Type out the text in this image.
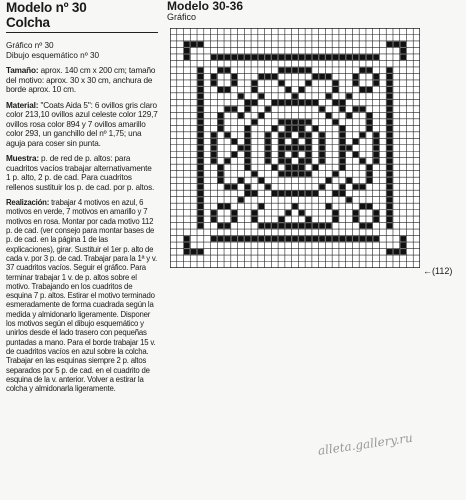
Modelo nº 30
Colcha

Gráfico nº 30
Dibujo esquemático nº 30

Tamaño: aprox. 140 cm x 200 cm; tamaño del motivo: aprox. 30 x 30 cm, anchura de borde aprox. 10 cm.

Material: "Coats Aida 5": 6 ovillos gris claro color 213,10 ovillos azul celeste color 129,7 ovillos rosa color 894 y 7 ovillos amarillo color 293, un ganchillo del nº 1,75; una aguja para coser sin punta.

Muestra: p. de red de p. altos: para cuadritos vacíos trabajar alternativamente 1 p. alto, 2 p. de cad. Para cuadritos rellenos sustituir los p. de cad. por p. altos.

Realización: trabajar 4 motivos en azul, 6 motivos en verde, 7 motivos en amarillo y 7 motivos en rosa. Montar por cada motivo 112 p. de cad. (ver consejo para montar bases de p. de cad. en la página 1 de las explicaciones), girar. Sustituir el 1er p. alto de cada v. por 3 p. de cad. Trabajar para la 1ª y v. 37 cuadritos vacíos. Seguir el gráfico. Para terminar trabajar 1 v. de p. altos sobre el motivo. Trabajando en los cuadritos de esquina 7 p. altos. Estirar el motivo terminado esmeradamente de forma cuadrada según la medida y almidonarlo ligeramente. Disponer los motivos según el dibujo esquemático y unirlos desde el lado trasero con pequeñas puntadas a mano. Para el borde trabajar 15 v. de cuadritos vacíos en azul sobre la colcha. Trabajar en las esquinas siempre 2 p. altos separados por 5 p. de cad. en el cuadrito de esquina de la v. anterior. Volver a estirar la colcha y almidonarla ligeramente.

Modelo 30-36
Gráfico
←(112)
alleta.gallery.ru
